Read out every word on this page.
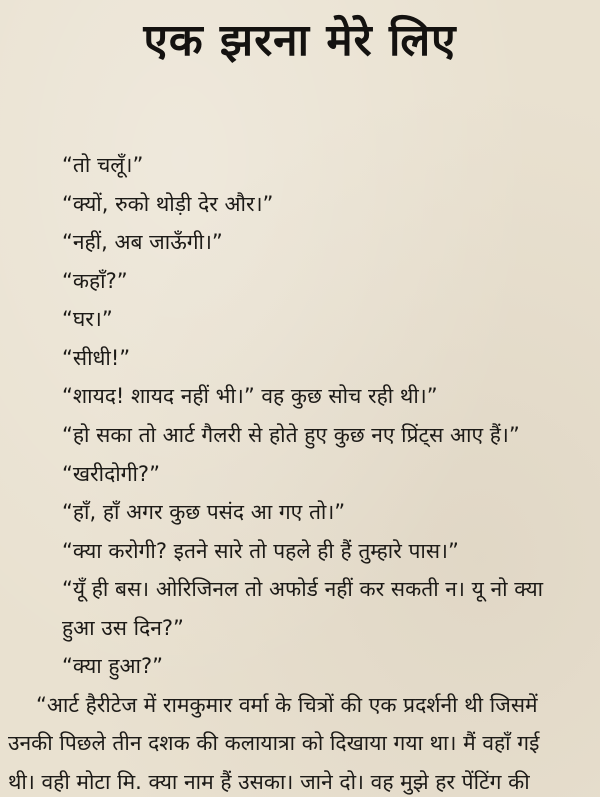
एक झरना मेरे लिए
“तो चलूँ।”
“क्यों, रुको थोड़ी देर और।”
“नहीं, अब जाऊँगी।”
“कहाँ?”
“घर।”
“सीधी!”
“शायद! शायद नहीं भी।” वह कुछ सोच रही थी।”
“हो सका तो आर्ट गैलरी से होते हुए कुछ नए प्रिंट्स आए हैं।”
“खरीदोगी?”
“हाँ, हाँ अगर कुछ पसंद आ गए तो।”
“क्या करोगी? इतने सारे तो पहले ही हैं तुम्हारे पास।”
“यूँ ही बस। ओरिजिनल तो अफोर्ड नहीं कर सकती न। यू नो क्या
हुआ उस दिन?”
“क्या हुआ?”
“आर्ट हैरीटेज में रामकुमार वर्मा के चित्रों की एक प्रदर्शनी थी जिसमें
उनकी पिछले तीन दशक की कलायात्रा को दिखाया गया था। मैं वहाँ गई
थी। वही मोटा मि. क्या नाम हैं उसका। जाने दो। वह मुझे हर पेंटिंग की
